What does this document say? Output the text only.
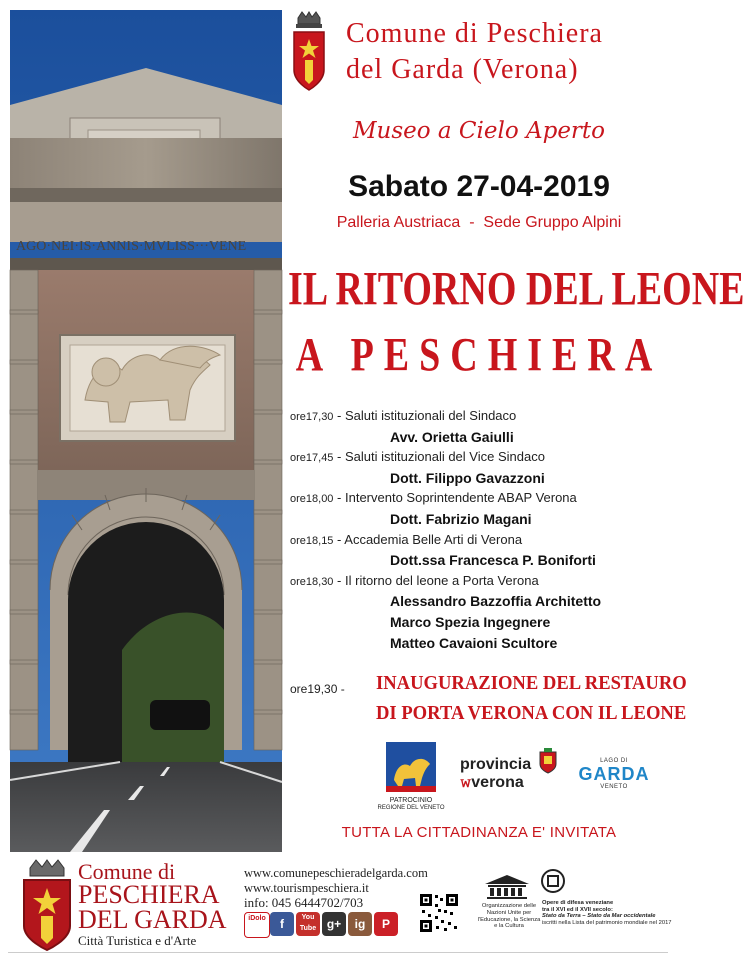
AGO·NEI·IS·ANNIS·MVLISS···VENE
Comune di Peschiera
del Garda (Verona)
Museo a Cielo Aperto
Sabato 27-04-2019
Palleria Austriaca  -  Sede Gruppo Alpini
IL RITORNO DEL LEONE
A PESCHIERA
ore17,30 - Saluti istituzionali del Sindaco
Avv. Orietta Gaiulli
ore17,45 - Saluti istituzionali del Vice Sindaco
Dott. Filippo Gavazzoni
ore18,00 - Intervento Soprintendente ABAP Verona
Dott. Fabrizio Magani
ore18,15 - Accademia Belle Arti di Verona
Dott.ssa Francesca P. Boniforti
ore18,30 - Il ritorno del leone a Porta Verona
Alessandro Bazzoffia Architetto
Marco Spezia Ingegnere
Matteo Cavaioni Scultore
ore19,30 - INAUGURAZIONE DEL RESTAURO
DI PORTA VERONA CON IL LEONE
PATROCINIO
REGIONE DEL VENETO
provincia
𝚠verona
LAGO DI
GARDA
VENETO
TUTTA LA CITTADINANZA E' INVITATA
Comune di
PESCHIERA
DEL GARDA
Città Turistica e d'Arte
www.comunepeschieradelgarda.com
www.tourismpeschiera.it
info: 045 6444702/703
iDolo	f	You Tube g+	ig	P
Organizzazione delle Nazioni Unite per l'Educazione, la Scienza e la Cultura
Opere di difesa veneziane
tra il XVI ed il XVII secolo:
Stato da Terra – Stato da Mar occidentale
iscritti nella Lista del patrimonio mondiale nel 2017
